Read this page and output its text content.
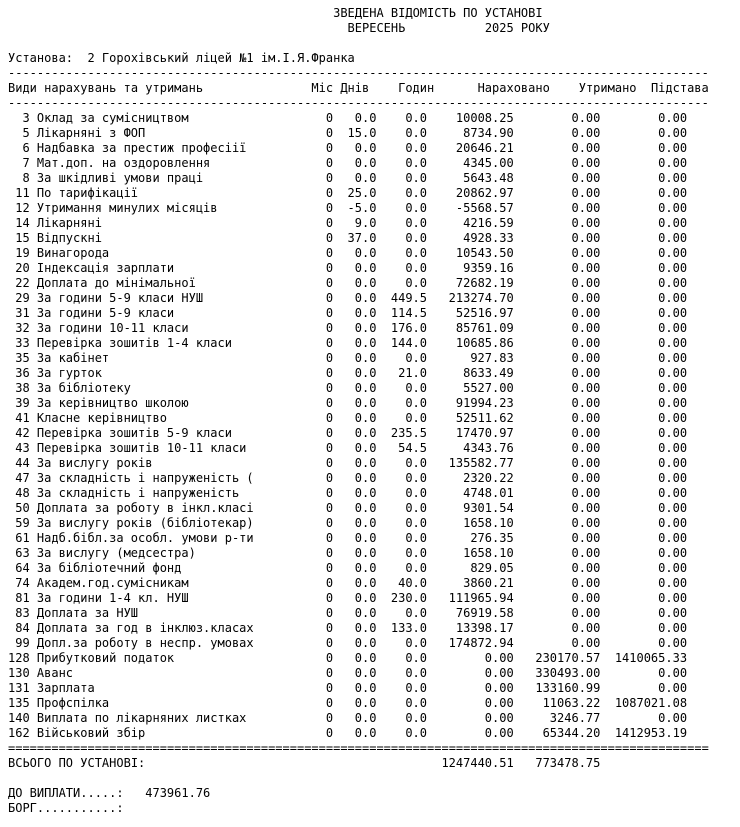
ЗВЕДЕНА ВІДОМІСТЬ ПО УСТАНОВІ
ВЕРЕСЕНЬ	2025 РОКУ
Установа: 2 Горохівський ліцей №1 ім.І.Я.Франка
-------------------------------------------------------------------------------------------------
Види нарахувань та утримань	Міс Днів Годин	Нараховано Утримано Підстава
-------------------------------------------------------------------------------------------------
3 Оклад за сумісництвом	0 0.0 0.0 10008.25	0.00	0.00
5 Лікарняні з ФОП	0 15.0 0.0	8734.90	0.00	0.00
6 Надбавка за престиж професіії	0 0.0 0.0 20646.21	0.00	0.00
7 Мат.доп. на оздоровлення	0 0.0 0.0	4345.00	0.00	0.00
8 За шкідливі умови праці	0 0.0 0.0	5643.48	0.00	0.00
11 По тарифікації	0 25.0 0.0 20862.97	0.00	0.00
12 Утримання минулих місяців	0 -5.0 0.0 -5568.57	0.00	0.00
14 Лікарняні	0 9.0 0.0	4216.59	0.00	0.00
15 Відпускні	0 37.0 0.0	4928.33	0.00	0.00
19 Винагорода	0 0.0 0.0 10543.50	0.00	0.00
20 Індексація зарплати	0 0.0 0.0	9359.16	0.00	0.00
22 Доплата до мінімальної	0 0.0 0.0 72682.19	0.00	0.00
29 За години 5-9 класи НУШ	0 0.0 449.5 213274.70	0.00	0.00
31 За години 5-9 класи	0 0.0 114.5 52516.97	0.00	0.00
32 За години 10-11 класи	0 0.0 176.0 85761.09	0.00	0.00
33 Перевірка зошитів 1-4 класи	0 0.0 144.0 10685.86	0.00	0.00
35 За кабінет	0 0.0 0.0	927.83	0.00	0.00
36 За гурток	0 0.0 21.0	8633.49	0.00	0.00
38 За бібліотеку	0 0.0 0.0	5527.00	0.00	0.00
39 За керівництво школою	0 0.0 0.0 91994.23	0.00	0.00
41 Класне керівництво	0 0.0 0.0 52511.62	0.00	0.00
42 Перевірка зошитів 5-9 класи	0 0.0 235.5 17470.97	0.00	0.00
43 Перевірка зошитів 10-11 класи	0 0.0 54.5	4343.76	0.00	0.00
44 За вислугу років	0 0.0 0.0 135582.77	0.00	0.00
47 За складність і напруженість (	0 0.0 0.0	2320.22	0.00	0.00
48 За складність і напруженість	0 0.0 0.0	4748.01	0.00	0.00
50 Доплата за роботу в інкл.класі	0 0.0 0.0	9301.54	0.00	0.00
59 За вислугу років (бібліотекар)	0 0.0 0.0	1658.10	0.00	0.00
61 Надб.бібл.за особл. умови р-ти	0 0.0 0.0	276.35	0.00	0.00
63 За вислугу (медсестра)	0 0.0 0.0	1658.10	0.00	0.00
64 За бібліотечний фонд	0 0.0 0.0	829.05	0.00	0.00
74 Академ.год.сумісникам	0 0.0 40.0	3860.21	0.00	0.00
81 За години 1-4 кл. НУШ	0 0.0 230.0 111965.94	0.00	0.00
83 Доплата за НУШ	0 0.0 0.0 76919.58	0.00	0.00
84 Доплата за год в інклюз.класах	0 0.0 133.0 13398.17	0.00	0.00
99 Допл.за роботу в неспр. умовах	0 0.0 0.0 174872.94	0.00	0.00
128 Прибутковий податок	0 0.0 0.0	0.00 230170.57 1410065.33
130 Аванс	0 0.0 0.0	0.00 330493.00	0.00
131 Зарплата	0 0.0 0.0	0.00 133160.99	0.00
135 Профспілка	0 0.0 0.0	0.00 11063.22 1087021.08
140 Виплата по лікарняних листках	0 0.0 0.0	0.00	3246.77	0.00
162 Військовий збір	0 0.0 0.0	0.00 65344.20 1412953.19
=================================================================================================
ВСЬОГО ПО УСТАНОВІ:	1247440.51 773478.75
ДО ВИПЛАТИ.....: 473961.76
БОРГ...........:
